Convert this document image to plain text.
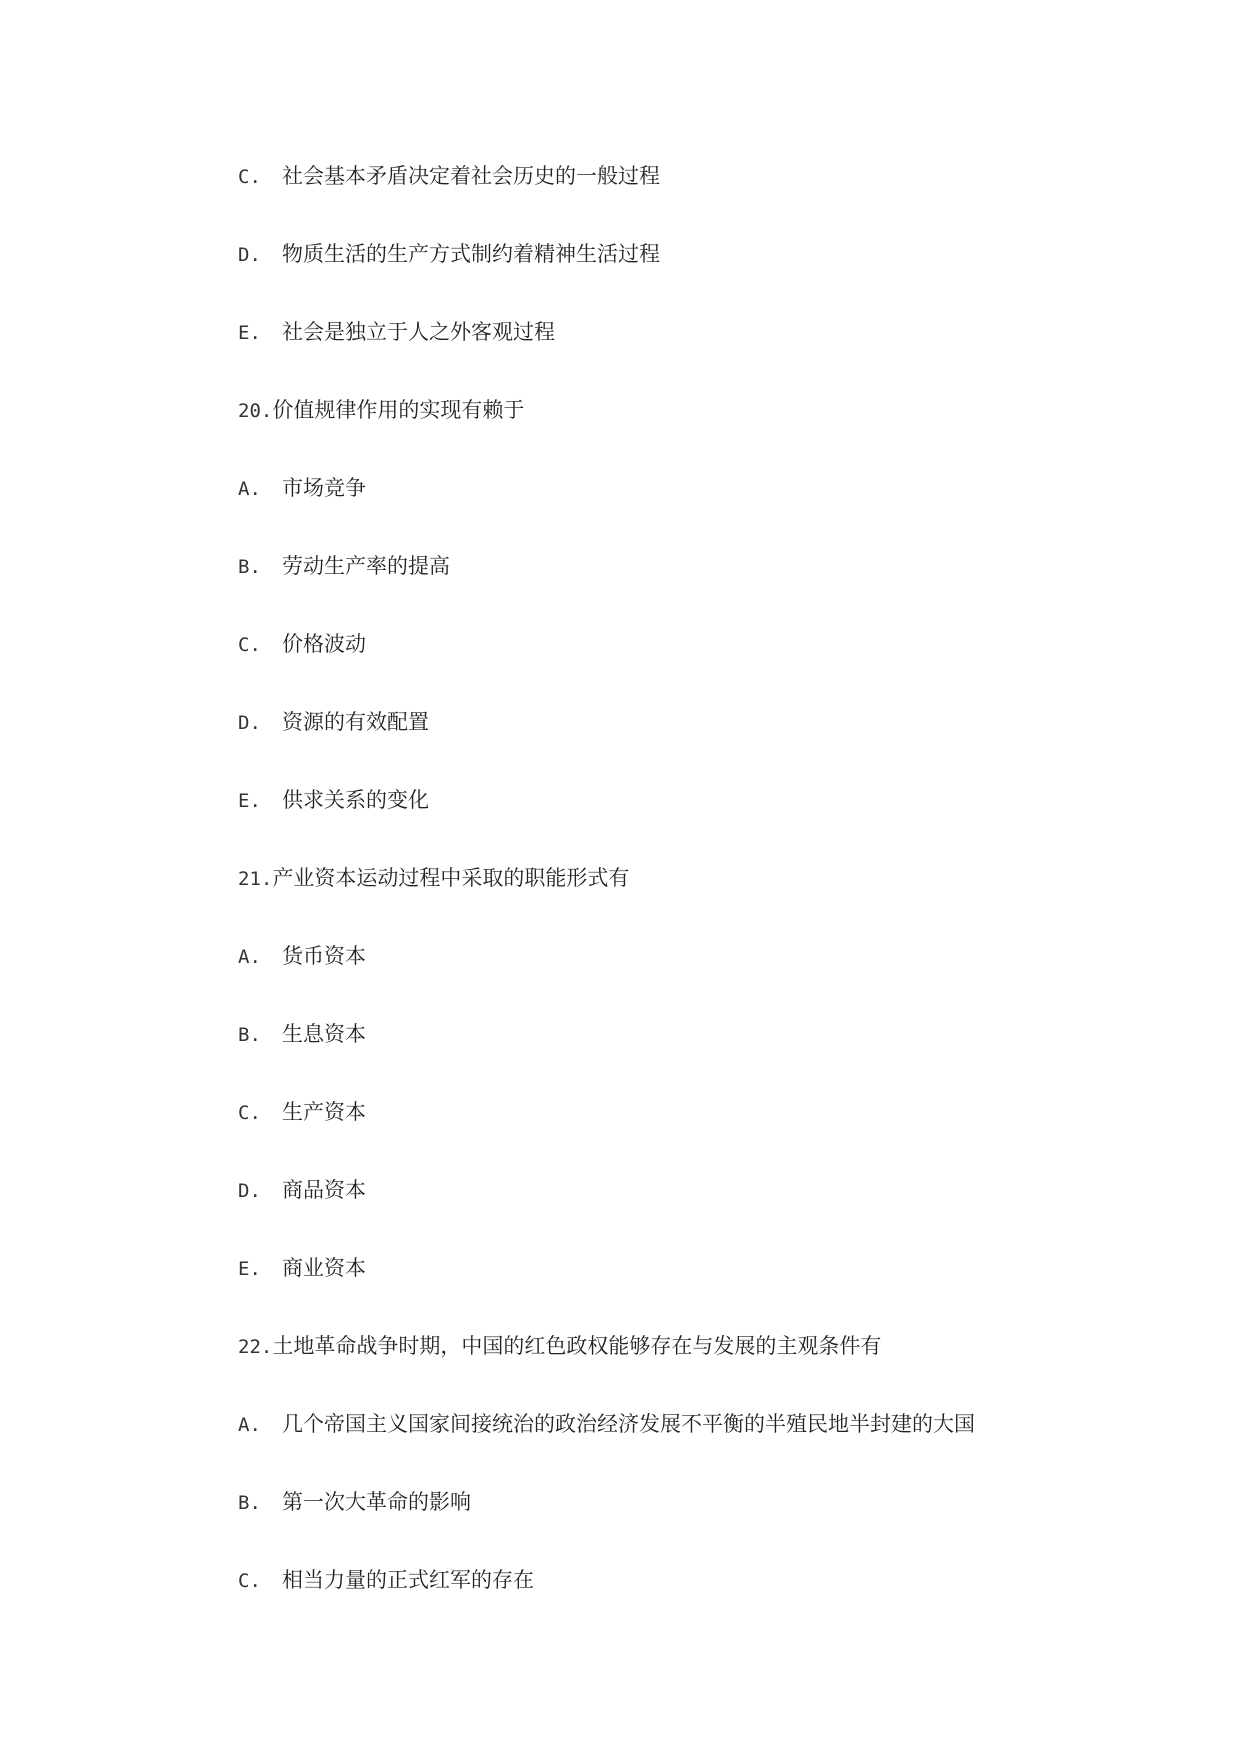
C. 社会基本矛盾决定着社会历史的一般过程
D. 物质生活的生产方式制约着精神生活过程
E. 社会是独立于人之外客观过程
20.价值规律作用的实现有赖于
A. 市场竞争
B. 劳动生产率的提高
C. 价格波动
D. 资源的有效配置
E. 供求关系的变化
21.产业资本运动过程中采取的职能形式有
A. 货币资本
B. 生息资本
C. 生产资本
D. 商品资本
E. 商业资本
22.土地革命战争时期，中国的红色政权能够存在与发展的主观条件有
A. 几个帝国主义国家间接统治的政治经济发展不平衡的半殖民地半封建的大国
B. 第一次大革命的影响
C. 相当力量的正式红军的存在
